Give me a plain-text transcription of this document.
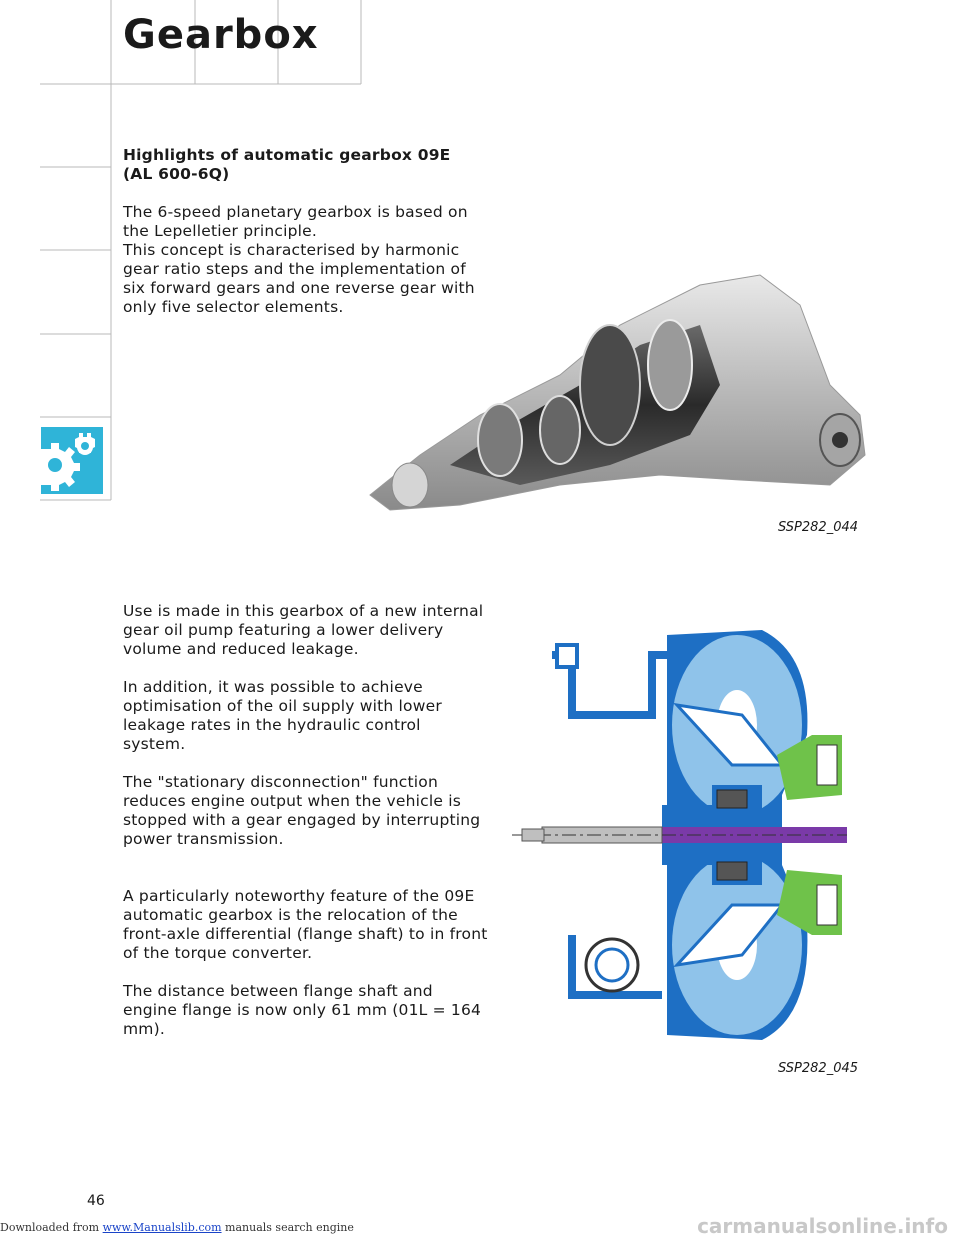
Gearbox
Highlights of automatic gearbox 09E
(AL 600-6Q)

The 6-speed planetary gearbox is based on the Lepelletier principle.
This concept is characterised by harmonic gear ratio steps and the implementation of six forward gears and one reverse gear with only five selector elements.

SSP282_044

Use is made in this gearbox of a new internal gear oil pump featuring a lower delivery volume and reduced leakage.

In addition, it was possible to achieve optimisation of the oil supply with lower leakage rates in the hydraulic control system.

The "stationary disconnection" function reduces engine output when the vehicle is stopped with a gear engaged by interrupting power transmission.

A particularly noteworthy feature of the 09E automatic gearbox is the relocation of the front-axle differential (flange shaft) to in front of the torque converter.

The distance between flange shaft and engine flange is now only 61 mm (01L = 164 mm).

SSP282_045
46
Downloaded from www.Manualslib.com manuals search engine	carmanualsonline.info
